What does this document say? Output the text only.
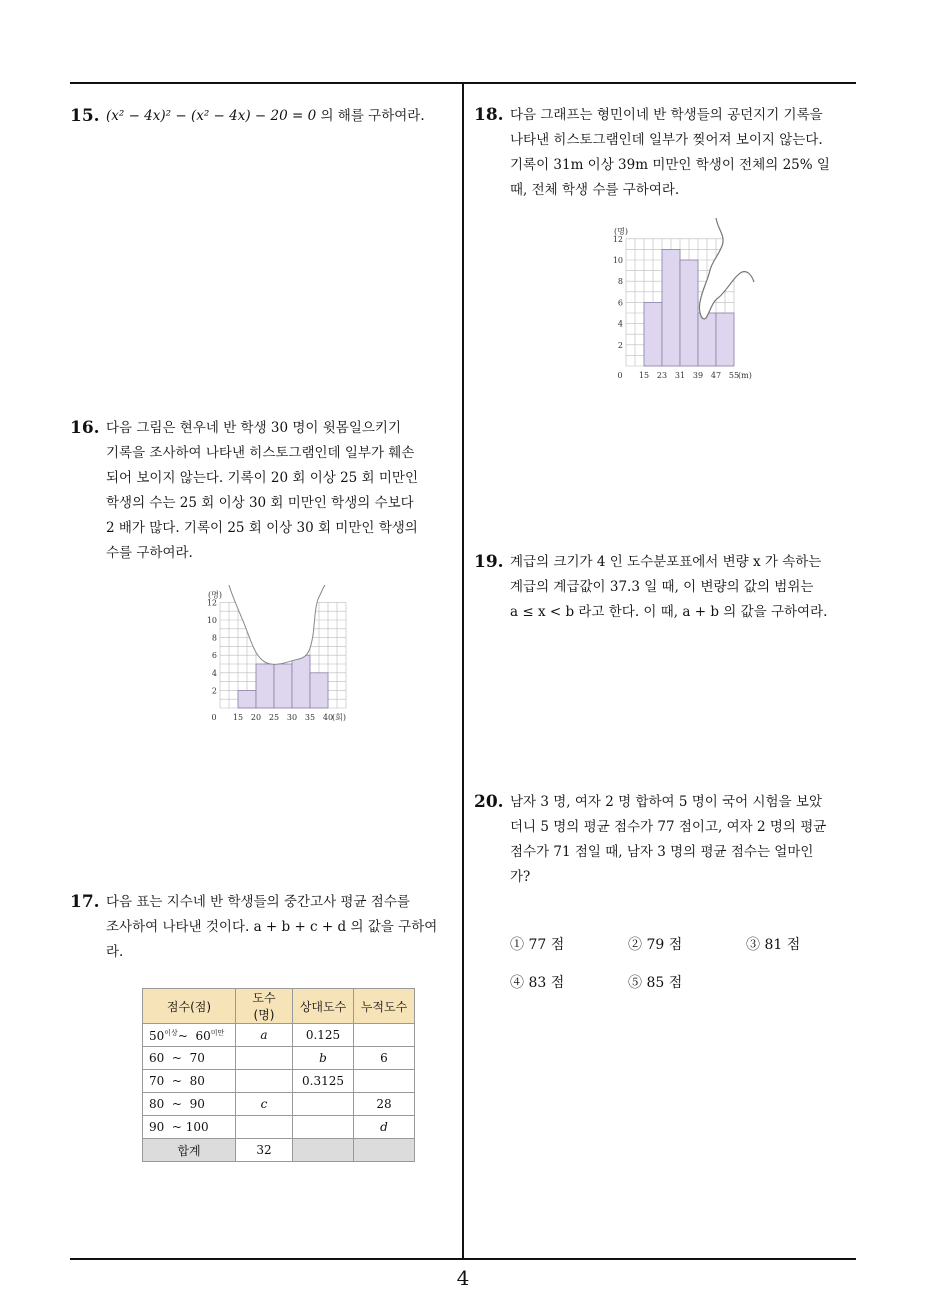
15. (x² − 4x)² − (x² − 4x) − 20 = 0 의 해를 구하여라.

16. 다음 그림은 현우네 반 학생 30 명이 윗몸일으키기

기록을 조사하여 나타낸 히스토그램인데 일부가 훼손

되어 보이지 않는다. 기록이 20 회 이상 25 회 미만인

학생의 수는 25 회 이상 30 회 미만인 학생의 수보다

2 배가 많다. 기록이 25 회 이상 30 회 미만인 학생의

수를 구하여라.

2
4
6
8
10
12
0 15 20 25 30 35 40
(명)
(회)
17. 다음 표는 지수네 반 학생들의 중간고사 평균 점수를

조사하여 나타낸 것이다. a + b + c + d 의 값을 구하여

라.

점수(점)	도수(명)	상대도수	누적도수
$50^{이상}\sim$ $60^{미만}$	a	0.125	
60  ~  70		b	6
70  ~  80		0.3125	
80  ~  90	c		28
90  ~ 100			d
합계	32		
18. 다음 그래프는 형민이네 반 학생들의 공던지기 기록을

나타낸 히스토그램인데 일부가 찢어져 보이지 않는다.

기록이 31m 이상 39m 미만인 학생이 전체의 25% 일

때, 전체 학생 수를 구하여라.

2
4
6
8
10
12
0 15 23 31 39 47 55
(명)
(m)
19. 계급의 크기가 4 인 도수분포표에서 변량 x 가 속하는

계급의 계급값이 37.3 일 때, 이 변량의 값의 범위는

a ≤ x < b 라고 한다. 이 때, a + b 의 값을 구하여라.

20. 남자 3 명, 여자 2 명 합하여 5 명이 국어 시험을 보았

더니 5 명의 평균 점수가 77 점이고, 여자 2 명의 평균

점수가 71 점일 때, 남자 3 명의 평균 점수는 얼마인

가?

① 77 점	② 79 점	③ 81 점
④ 83 점	⑤ 85 점
4
